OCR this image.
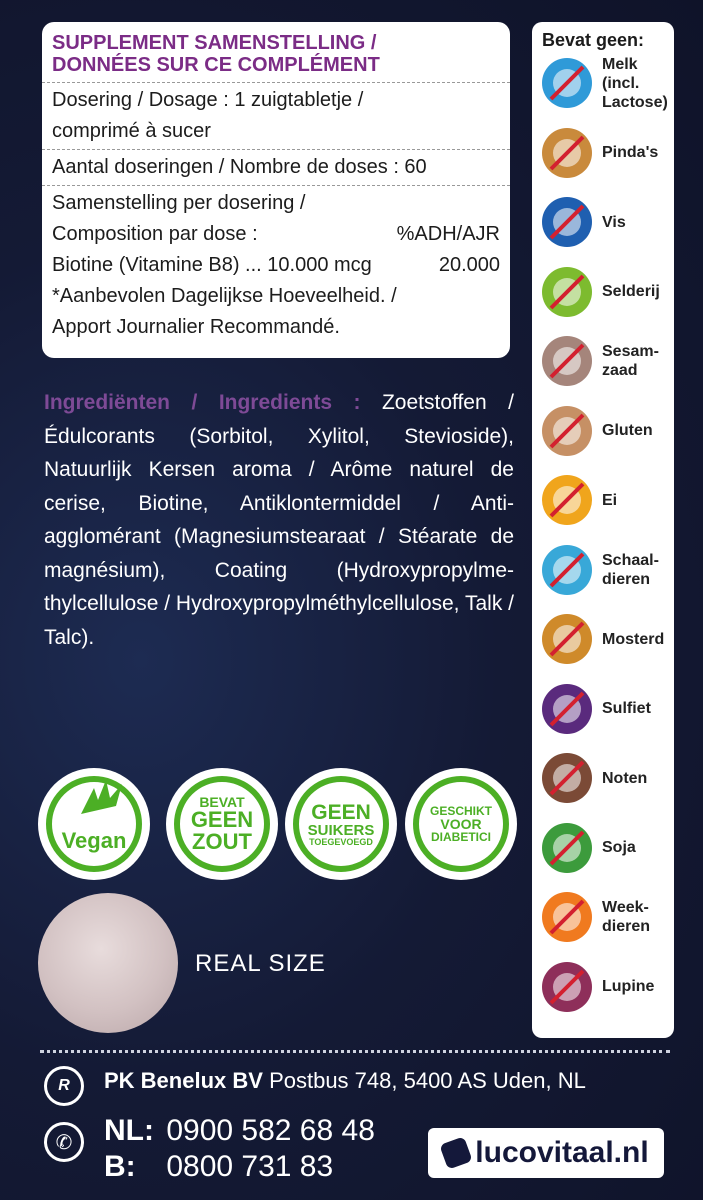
SUPPLEMENT SAMENSTELLING /
DONNÉES SUR CE COMPLÉMENT
Dosering / Dosage : 1 zuigtabletje /
comprimé à sucer
Aantal doseringen / Nombre de doses : 60
Samenstelling per dosering /
Composition par dose :	%ADH/AJR
Biotine (Vitamine B8) ... 10.000 mcg	20.000
*Aanbevolen Dagelijkse Hoeveelheid. /
Apport Journalier Recommandé.
Ingrediënten / Ingredients : Zoetstoffen / Édulcorants (Sorbitol, Xylitol, Stevioside), Natuurlijk Kersen aroma / Arôme naturel de cerise, Biotine, Antiklontermiddel / Anti-agglomérant (Magnesiumstearaat / Stéarate de magnésium), Coating (Hydroxypropylme-thylcellulose / Hydroxypropylméthylcellulose, Talk / Talc).
Vegan
BEVAT
GEEN
ZOUT
GEEN
SUIKERS
TOEGEVOEGD
GESCHIKT
VOOR
DIABETICI
REAL SIZE
Bevat geen:
Melk
(incl.
Lactose)
Pinda's
Vis
Selderij
Sesam-
zaad
Gluten
Ei
Schaal-
dieren
Mosterd
Sulfiet
Noten
Soja
Week-
dieren
Lupine
R	PK Benelux BV Postbus 748, 5400 AS Uden, NL
✆	NL: 0900 582 68 48
B: 0800 731 83	lucovitaal.nl
